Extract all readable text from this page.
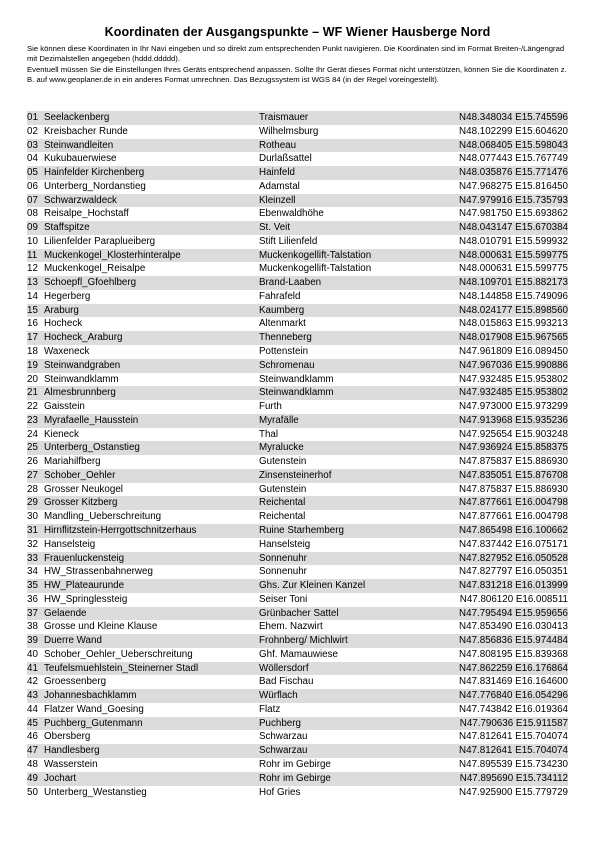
Koordinaten der Ausgangspunkte – WF Wiener Hausberge Nord

Sie können diese Koordinaten in Ihr Navi eingeben und so direkt zum entsprechenden Punkt navigieren. Die Koordinaten sind im Format Breiten-/Längengrad mit Dezimalstellen angegeben (hddd.ddddd).

Eventuell müssen Sie die Einstellungen Ihres Geräts entsprechend anpassen. Sollte Ihr Gerät dieses Format nicht unterstützen, können Sie die Koordinaten z. B. auf www.geoplaner.de in ein anderes Format umrechnen. Das Bezugssystem ist WGS 84 (in der Regel voreingestellt).

01	Seelackenberg	Traismauer	N48.348034 E15.745596
02	Kreisbacher Runde	Wilhelmsburg	N48.102299 E15.604620
03	Steinwandleiten	Rotheau	N48.068405 E15.598043
04	Kukubauerwiese	Durlaßsattel	N48.077443 E15.767749
05	Hainfelder Kirchenberg	Hainfeld	N48.035876 E15.771476
06	Unterberg_Nordanstieg	Adamstal	N47.968275 E15.816450
07	Schwarzwaldeck	Kleinzell	N47.979916 E15.735793
08	Reisalpe_Hochstaff	Ebenwaldhöhe	N47.981750 E15.693862
09	Staffspitze	St. Veit	N48.043147 E15.670384
10	Lilienfelder Paraplueiberg	Stift Lilienfeld	N48.010791 E15.599932
11	Muckenkogel_Klosterhinteralpe	Muckenkogellift-Talstation	N48.000631 E15.599775
12	Muckenkogel_Reisalpe	Muckenkogellift-Talstation	N48.000631 E15.599775
13	Schoepfl_Gfoehlberg	Brand-Laaben	N48.109701 E15.882173
14	Hegerberg	Fahrafeld	N48.144858 E15.749096
15	Araburg	Kaumberg	N48.024177 E15.898560
16	Hocheck	Altenmarkt	N48.015863 E15.993213
17	Hocheck_Araburg	Thenneberg	N48.017908 E15.967565
18	Waxeneck	Pottenstein	N47.961809 E16.089450
19	Steinwandgraben	Schromenau	N47.967036 E15.990886
20	Steinwandklamm	Steinwandklamm	N47.932485 E15.953802
21	Almesbrunnberg	Steinwandklamm	N47.932485 E15.953802
22	Gaisstein	Furth	N47.973000 E15.973299
23	Myrafaelle_Hausstein	Myrafälle	N47.913968 E15.935236
24	Kieneck	Thal	N47.925654 E15.903248
25	Unterberg_Ostanstieg	Myralucke	N47.936924 E15.858375
26	Mariahilfberg	Gutenstein	N47.875837 E15.886930
27	Schober_Oehler	Zinsensteinerhof	N47.835051 E15.876708
28	Grosser Neukogel	Gutenstein	N47.875837 E15.886930
29	Grosser Kitzberg	Reichental	N47.877661 E16.004798
30	Mandling_Ueberschreitung	Reichental	N47.877661 E16.004798
31	Hirnflitzstein-Herrgottschnitzerhaus	Ruine Starhemberg	N47.865498 E16.100662
32	Hanselsteig	Hanselsteig	N47.837442 E16.075171
33	Frauenluckensteig	Sonnenuhr	N47.827952 E16.050528
34	HW_Strassenbahnerweg	Sonnenuhr	N47.827797 E16.050351
35	HW_Plateaurunde	Ghs. Zur Kleinen Kanzel	N47.831218 E16.013999
36	HW_Springlessteig	Seiser Toni	N47.806120 E16.008511
37	Gelaende	Grünbacher Sattel	N47.795494 E15.959656
38	Grosse und Kleine Klause	Ehem. Nazwirt	N47.853490 E16.030413
39	Duerre Wand	Frohnberg/ Michlwirt	N47.856836 E15.974484
40	Schober_Oehler_Ueberschreitung	Ghf. Mamauwiese	N47.808195 E15.839368
41	Teufelsmuehlstein_Steinerner Stadl	Wöllersdorf	N47.862259 E16.176864
42	Groessenberg	Bad Fischau	N47.831469 E16.164600
43	Johannesbachklamm	Würflach	N47.776840 E16.054296
44	Flatzer Wand_Goesing	Flatz	N47.743842 E16.019364
45	Puchberg_Gutenmann	Puchberg	N47.790636 E15.911587
46	Obersberg	Schwarzau	N47.812641 E15.704074
47	Handlesberg	Schwarzau	N47.812641 E15.704074
48	Wasserstein	Rohr im Gebirge	N47.895539 E15.734230
49	Jochart	Rohr im Gebirge	N47.895690 E15.734112
50	Unterberg_Westanstieg	Hof Gries	N47.925900 E15.779729
